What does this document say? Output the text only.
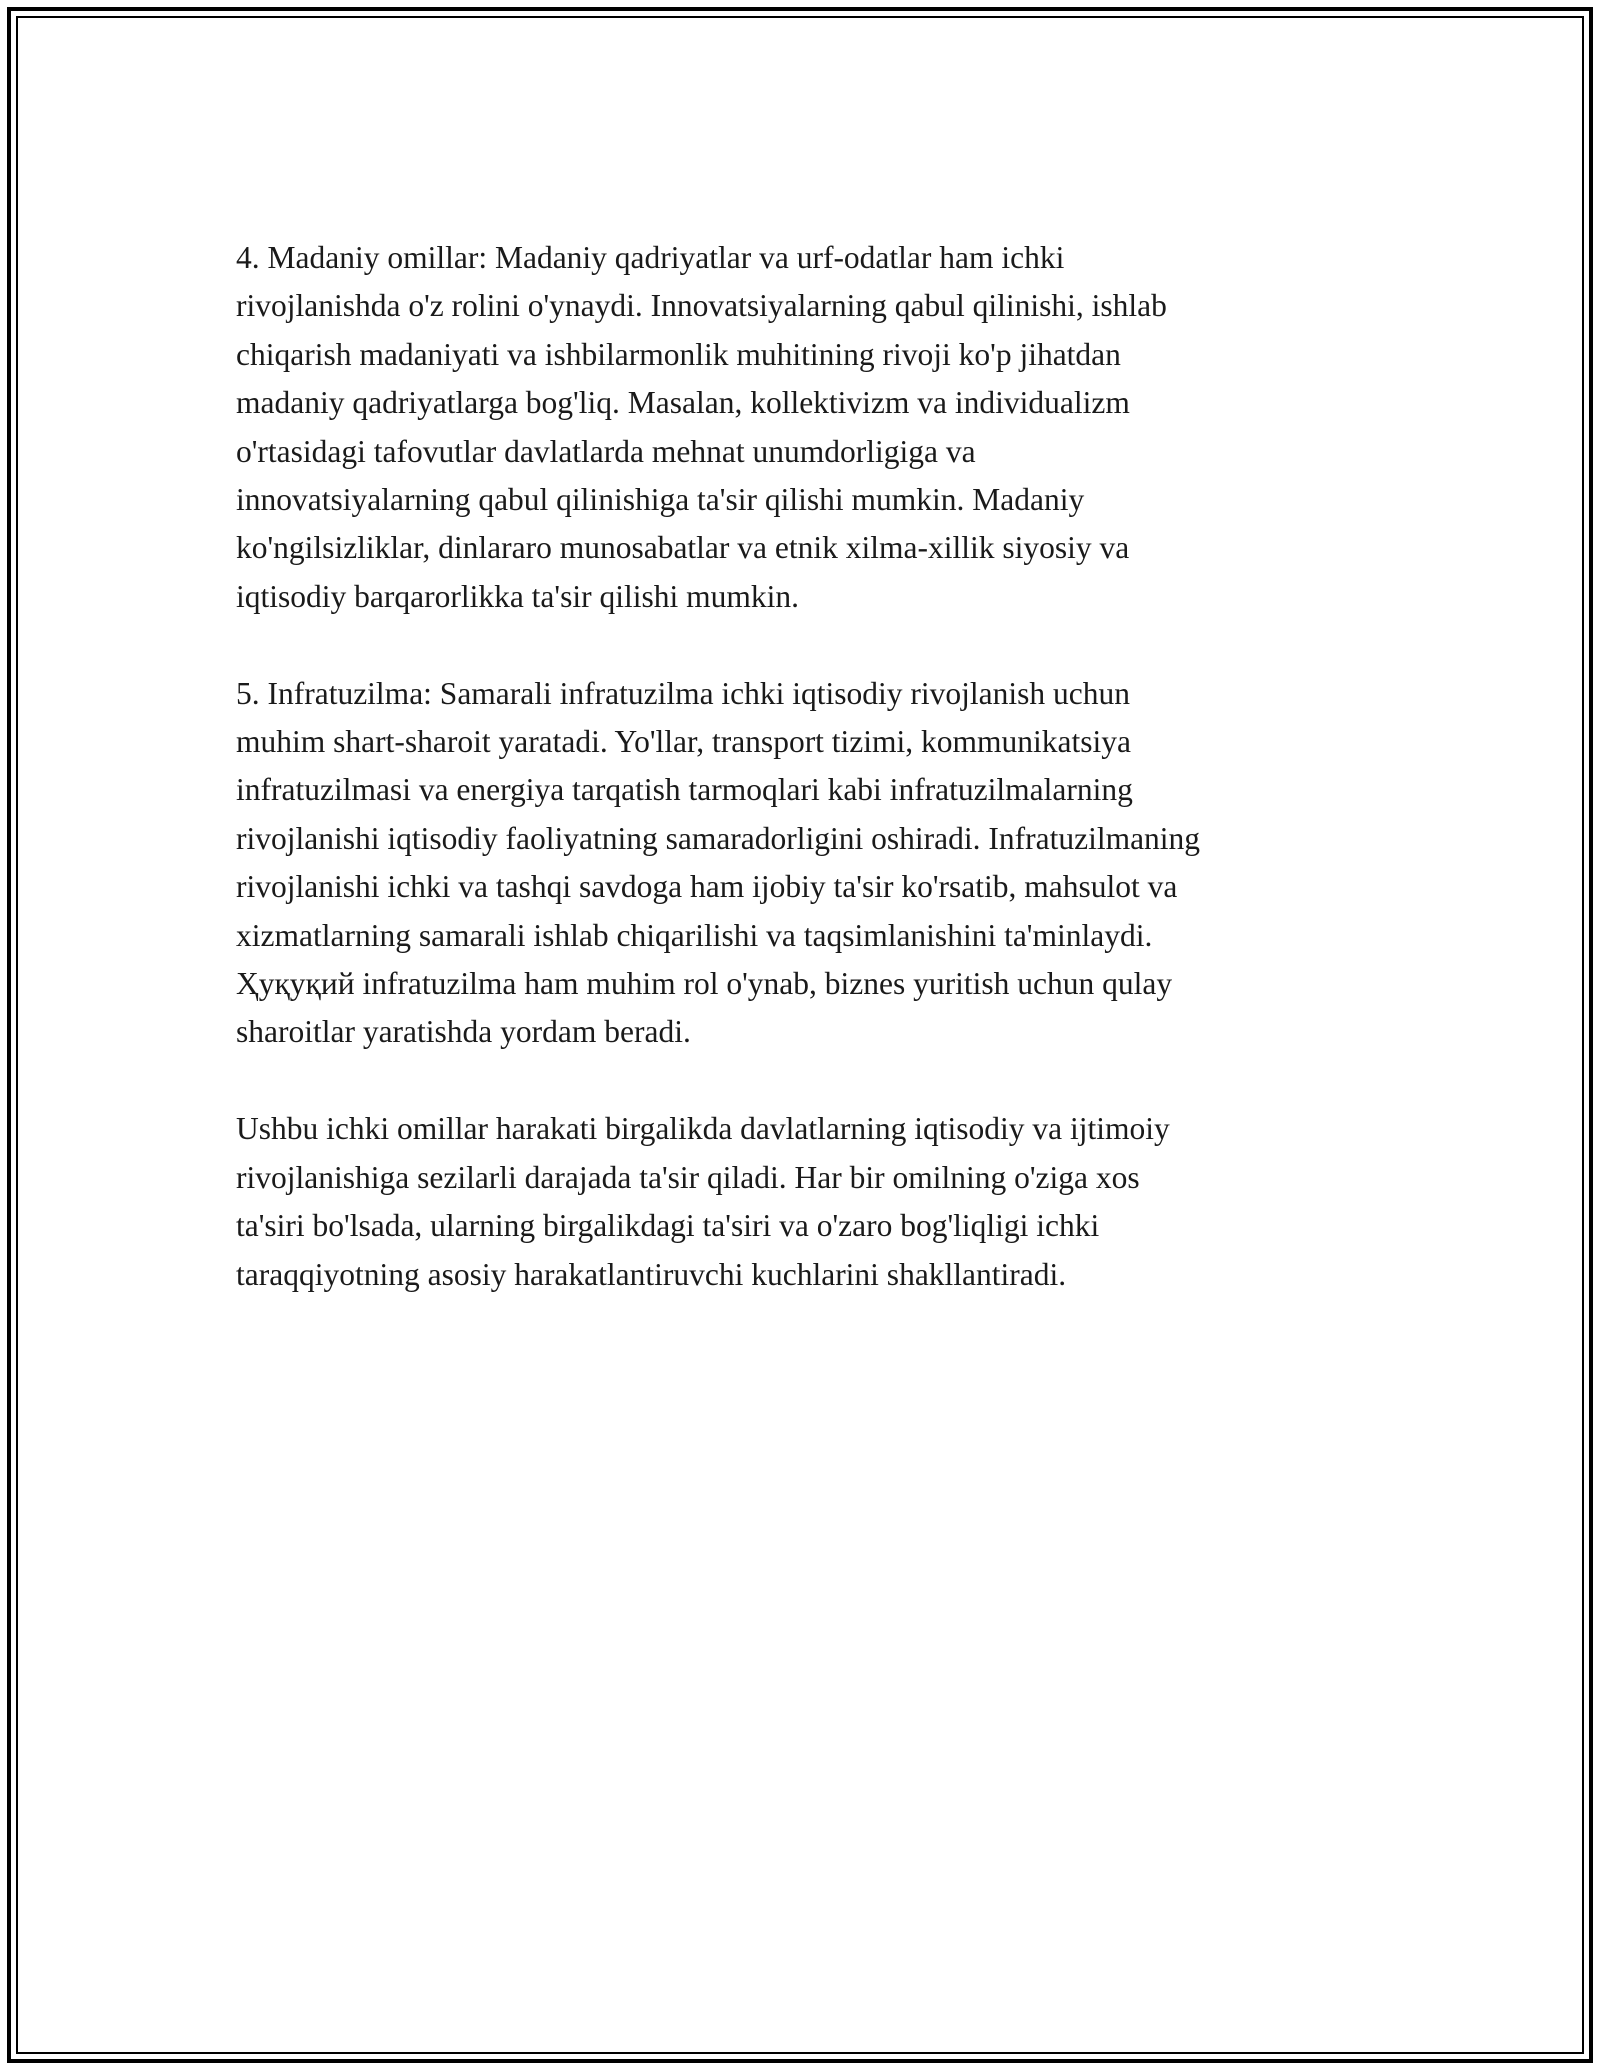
4. Madaniy omillar: Madaniy qadriyatlar va urf-odatlar ham ichki
rivojlanishda o'z rolini o'ynaydi. Innovatsiyalarning qabul qilinishi, ishlab
chiqarish madaniyati va ishbilarmonlik muhitining rivoji ko'p jihatdan
madaniy qadriyatlarga bog'liq. Masalan, kollektivizm va individualizm
o'rtasidagi tafovutlar davlatlarda mehnat unumdorligiga va
innovatsiyalarning qabul qilinishiga ta'sir qilishi mumkin. Madaniy
ko'ngilsizliklar, dinlararo munosabatlar va etnik xilma-xillik siyosiy va
iqtisodiy barqarorlikka ta'sir qilishi mumkin.

5. Infratuzilma: Samarali infratuzilma ichki iqtisodiy rivojlanish uchun
muhim shart-sharoit yaratadi. Yo'llar, transport tizimi, kommunikatsiya
infratuzilmasi va energiya tarqatish tarmoqlari kabi infratuzilmalarning
rivojlanishi iqtisodiy faoliyatning samaradorligini oshiradi. Infratuzilmaning
rivojlanishi ichki va tashqi savdoga ham ijobiy ta'sir ko'rsatib, mahsulot va
xizmatlarning samarali ishlab chiqarilishi va taqsimlanishini ta'minlaydi.
Ҳуқуқий infratuzilma ham muhim rol o'ynab, biznes yuritish uchun qulay
sharoitlar yaratishda yordam beradi.

Ushbu ichki omillar harakati birgalikda davlatlarning iqtisodiy va ijtimoiy
rivojlanishiga sezilarli darajada ta'sir qiladi. Har bir omilning o'ziga xos
ta'siri bo'lsada, ularning birgalikdagi ta'siri va o'zaro bog'liqligi ichki
taraqqiyotning asosiy harakatlantiruvchi kuchlarini shakllantiradi.
